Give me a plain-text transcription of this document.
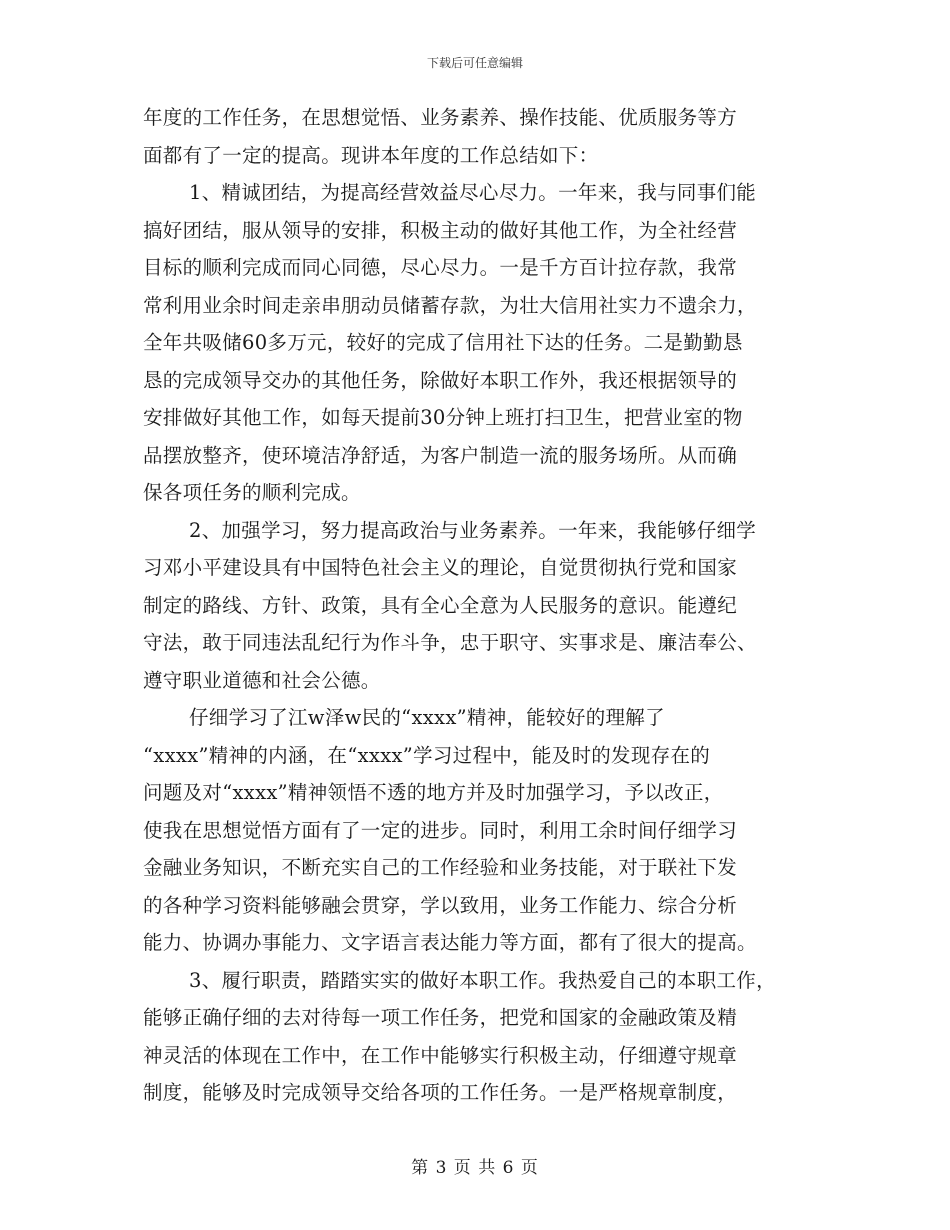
下载后可任意编辑
年度的工作任务，在思想觉悟、业务素养、操作技能、优质服务等方
面都有了一定的提高。现讲本年度的工作总结如下：
1、精诚团结，为提高经营效益尽心尽力。一年来，我与同事们能
搞好团结，服从领导的安排，积极主动的做好其他工作，为全社经营
目标的顺利完成而同心同德，尽心尽力。一是千方百计拉存款，我常
常利用业余时间走亲串朋动员储蓄存款，为壮大信用社实力不遗余力，
全年共吸储60多万元，较好的完成了信用社下达的任务。二是勤勤恳
恳的完成领导交办的其他任务，除做好本职工作外，我还根据领导的
安排做好其他工作，如每天提前30分钟上班打扫卫生，把营业室的物
品摆放整齐，使环境洁净舒适，为客户制造一流的服务场所。从而确
保各项任务的顺利完成。
2、加强学习，努力提高政治与业务素养。一年来，我能够仔细学
习邓小平建设具有中国特色社会主义的理论，自觉贯彻执行党和国家
制定的路线、方针、政策，具有全心全意为人民服务的意识。能遵纪
守法，敢于同违法乱纪行为作斗争，忠于职守、实事求是、廉洁奉公、
遵守职业道德和社会公德。
仔细学习了江w泽w民的“xxxx”精神，能较好的理解了
“xxxx”精神的内涵，在“xxxx”学习过程中，能及时的发现存在的
问题及对“xxxx”精神领悟不透的地方并及时加强学习，予以改正，
使我在思想觉悟方面有了一定的进步。同时，利用工余时间仔细学习
金融业务知识，不断充实自己的工作经验和业务技能，对于联社下发
的各种学习资料能够融会贯穿，学以致用，业务工作能力、综合分析
能力、协调办事能力、文字语言表达能力等方面，都有了很大的提高。
3、履行职责，踏踏实实的做好本职工作。我热爱自己的本职工作，
能够正确仔细的去对待每一项工作任务，把党和国家的金融政策及精
神灵活的体现在工作中，在工作中能够实行积极主动，仔细遵守规章
制度，能够及时完成领导交给各项的工作任务。一是严格规章制度，
第 3 页 共 6 页
